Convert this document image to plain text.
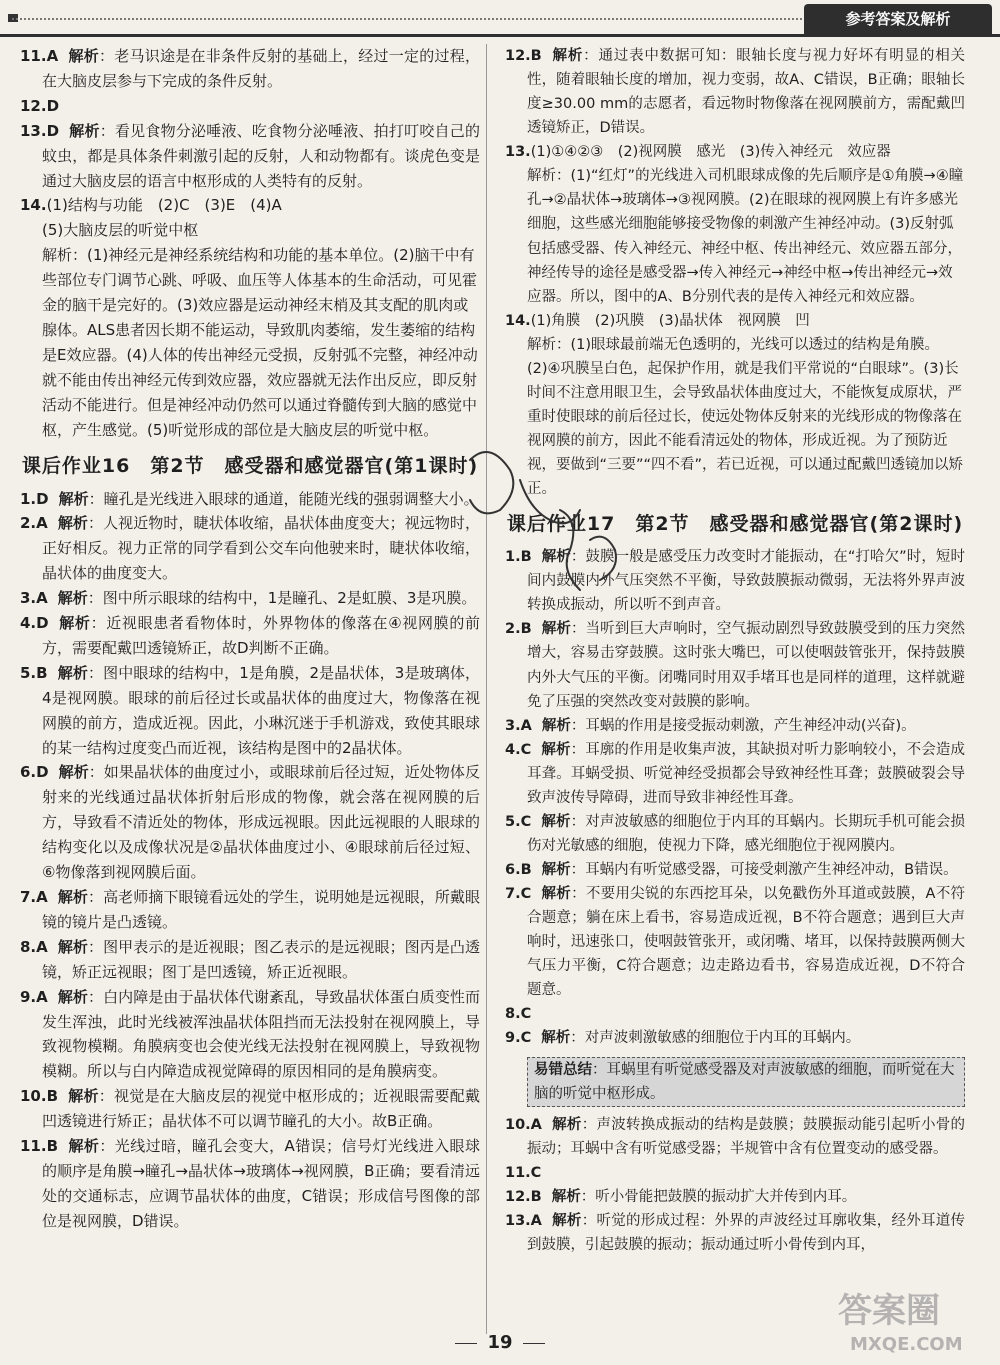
参考答案及解析

11.A 解析：老马识途是在非条件反射的基础上，经过一定的过程，在大脑皮层参与下完成的条件反射。

12.D

13.D 解析：看见食物分泌唾液、吃食物分泌唾液、拍打叮咬自己的蚊虫，都是具体条件刺激引起的反射，人和动物都有。谈虎色变是通过大脑皮层的语言中枢形成的人类特有的反射。

14.(1)结构与功能　(2)C　(3)E　(4)A

(5)大脑皮层的听觉中枢

解析：(1)神经元是神经系统结构和功能的基本单位。(2)脑干中有些部位专门调节心跳、呼吸、血压等人体基本的生命活动，可见霍金的脑干是完好的。(3)效应器是运动神经末梢及其支配的肌肉或腺体。ALS患者因长期不能运动，导致肌肉萎缩，发生萎缩的结构是E效应器。(4)人体的传出神经元受损，反射弧不完整，神经冲动就不能由传出神经元传到效应器，效应器就无法作出反应，即反射活动不能进行。但是神经冲动仍然可以通过脊髓传到大脑的感觉中枢，产生感觉。(5)听觉形成的部位是大脑皮层的听觉中枢。

课后作业16　第2节　感受器和感觉器官(第1课时)

1.D 解析：瞳孔是光线进入眼球的通道，能随光线的强弱调整大小。

2.A 解析：人视近物时，睫状体收缩，晶状体曲度变大；视远物时，正好相反。视力正常的同学看到公交车向他驶来时，睫状体收缩，晶状体的曲度变大。

3.A 解析：图中所示眼球的结构中，1是瞳孔、2是虹膜、3是巩膜。

4.D 解析：近视眼患者看物体时，外界物体的像落在④视网膜的前方，需要配戴凹透镜矫正，故D判断不正确。

5.B 解析：图中眼球的结构中，1是角膜，2是晶状体，3是玻璃体，4是视网膜。眼球的前后径过长或晶状体的曲度过大，物像落在视网膜的前方，造成近视。因此，小琳沉迷于手机游戏，致使其眼球的某一结构过度变凸而近视，该结构是图中的2晶状体。

6.D 解析：如果晶状体的曲度过小，或眼球前后径过短，近处物体反射来的光线通过晶状体折射后形成的物像，就会落在视网膜的后方，导致看不清近处的物体，形成远视眼。因此远视眼的人眼球的结构变化以及成像状况是②晶状体曲度过小、④眼球前后径过短、⑥物像落到视网膜后面。

7.A 解析：高老师摘下眼镜看远处的学生，说明她是远视眼，所戴眼镜的镜片是凸透镜。

8.A 解析：图甲表示的是近视眼；图乙表示的是远视眼；图丙是凸透镜，矫正远视眼；图丁是凹透镜，矫正近视眼。

9.A 解析：白内障是由于晶状体代谢紊乱，导致晶状体蛋白质变性而发生浑浊，此时光线被浑浊晶状体阻挡而无法投射在视网膜上，导致视物模糊。角膜病变也会使光线无法投射在视网膜上，导致视物模糊。所以与白内障造成视觉障碍的原因相同的是角膜病变。

10.B 解析：视觉是在大脑皮层的视觉中枢形成的；近视眼需要配戴凹透镜进行矫正；晶状体不可以调节瞳孔的大小。故B正确。

11.B 解析：光线过暗，瞳孔会变大，A错误；信号灯光线进入眼球的顺序是角膜→瞳孔→晶状体→玻璃体→视网膜，B正确；要看清远处的交通标志，应调节晶状体的曲度，C错误；形成信号图像的部位是视网膜，D错误。

12.B 解析：通过表中数据可知：眼轴长度与视力好坏有明显的相关性，随着眼轴长度的增加，视力变弱，故A、C错误，B正确；眼轴长度≥30.00 mm的志愿者，看远物时物像落在视网膜前方，需配戴凹透镜矫正，D错误。

13.(1)①④②③　(2)视网膜　感光　(3)传入神经元　效应器

解析：(1)“红灯”的光线进入司机眼球成像的先后顺序是①角膜→④瞳孔→②晶状体→玻璃体→③视网膜。(2)在眼球的视网膜上有许多感光细胞，这些感光细胞能够接受物像的刺激产生神经冲动。(3)反射弧包括感受器、传入神经元、神经中枢、传出神经元、效应器五部分，神经传导的途径是感受器→传入神经元→神经中枢→传出神经元→效应器。所以，图中的A、B分别代表的是传入神经元和效应器。

14.(1)角膜　(2)巩膜　(3)晶状体　视网膜　凹

解析：(1)眼球最前端无色透明的，光线可以透过的结构是角膜。(2)④巩膜呈白色，起保护作用，就是我们平常说的“白眼球”。(3)长时间不注意用眼卫生，会导致晶状体曲度过大，不能恢复成原状，严重时使眼球的前后径过长，使远处物体反射来的光线形成的物像落在视网膜的前方，因此不能看清远处的物体，形成近视。为了预防近视，要做到“三要”“四不看”，若已近视，可以通过配戴凹透镜加以矫正。

课后作业17　第2节　感受器和感觉器官(第2课时)

1.B 解析：鼓膜一般是感受压力改变时才能振动，在“打哈欠”时，短时间内鼓膜内外气压突然不平衡，导致鼓膜振动微弱，无法将外界声波转换成振动，所以听不到声音。

2.B 解析：当听到巨大声响时，空气振动剧烈导致鼓膜受到的压力突然增大，容易击穿鼓膜。这时张大嘴巴，可以使咽鼓管张开，保持鼓膜内外大气压的平衡。闭嘴同时用双手堵耳也是同样的道理，这样就避免了压强的突然改变对鼓膜的影响。

3.A 解析：耳蜗的作用是接受振动刺激，产生神经冲动(兴奋)。

4.C 解析：耳廓的作用是收集声波，其缺损对听力影响较小，不会造成耳聋。耳蜗受损、听觉神经受损都会导致神经性耳聋；鼓膜破裂会导致声波传导障碍，进而导致非神经性耳聋。

5.C 解析：对声波敏感的细胞位于内耳的耳蜗内。长期玩手机可能会损伤对光敏感的细胞，使视力下降，感光细胞位于视网膜内。

6.B 解析：耳蜗内有听觉感受器，可接受刺激产生神经冲动，B错误。

7.C 解析：不要用尖锐的东西挖耳朵，以免戳伤外耳道或鼓膜，A不符合题意；躺在床上看书，容易造成近视，B不符合题意；遇到巨大声响时，迅速张口，使咽鼓管张开，或闭嘴、堵耳，以保持鼓膜两侧大气压力平衡，C符合题意；边走路边看书，容易造成近视，D不符合题意。

8.C

9.C 解析：对声波刺激敏感的细胞位于内耳的耳蜗内。

易错总结：耳蜗里有听觉感受器及对声波敏感的细胞，而听觉在大脑的听觉中枢形成。

10.A 解析：声波转换成振动的结构是鼓膜；鼓膜振动能引起听小骨的振动；耳蜗中含有听觉感受器；半规管中含有位置变动的感受器。

11.C

12.B 解析：听小骨能把鼓膜的振动扩大并传到内耳。

13.A 解析：听觉的形成过程：外界的声波经过耳廓收集，经外耳道传到鼓膜，引起鼓膜的振动；振动通过听小骨传到内耳，

19
答案圈
MXQE.COM
